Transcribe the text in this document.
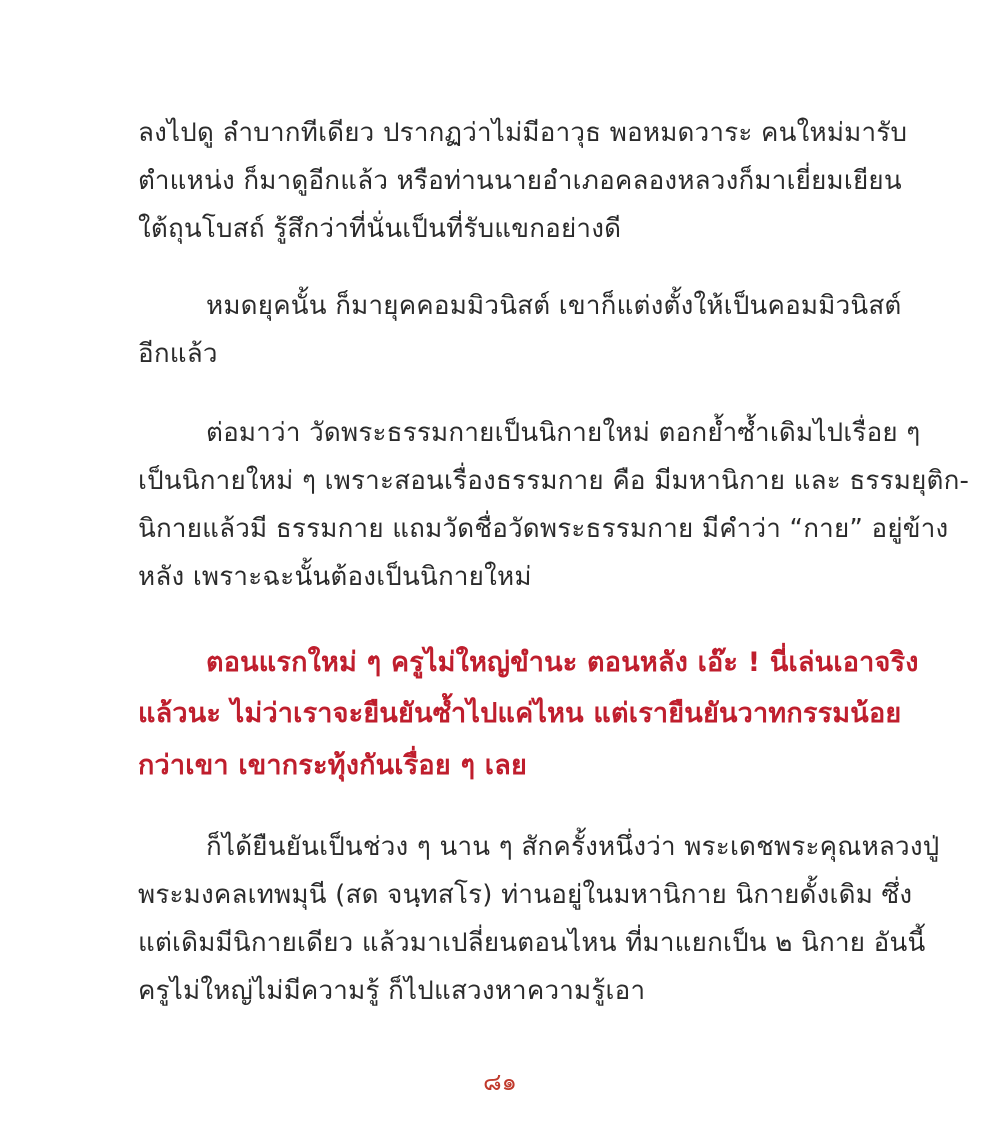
ลงไปดู ลำบากทีเดียว ปรากฏว่าไม่มีอาวุธ พอหมดวาระ คนใหม่มารับ
ตำแหน่ง ก็มาดูอีกแล้ว หรือท่านนายอำเภอคลองหลวงก็มาเยี่ยมเยียน
ใต้ถุนโบสถ์ รู้สึกว่าที่นั่นเป็นที่รับแขกอย่างดี
หมดยุคนั้น ก็มายุคคอมมิวนิสต์ เขาก็แต่งตั้งให้เป็นคอมมิวนิสต์
อีกแล้ว
ต่อมาว่า วัดพระธรรมกายเป็นนิกายใหม่ ตอกย้ำซ้ำเดิมไปเรื่อย ๆ
เป็นนิกายใหม่ ๆ เพราะสอนเรื่องธรรมกาย คือ มีมหานิกาย และ ธรรมยุติก-
นิกายแล้วมี ธรรมกาย แถมวัดชื่อวัดพระธรรมกาย มีคำว่า “กาย” อยู่ข้าง
หลัง เพราะฉะนั้นต้องเป็นนิกายใหม่
ตอนแรกใหม่ ๆ ครูไม่ใหญ่ขำนะ ตอนหลัง เอ๊ะ ! นี่เล่นเอาจริง
แล้วนะ ไม่ว่าเราจะยืนยันซ้ำไปแค่ไหน แต่เรายืนยันวาทกรรมน้อย
กว่าเขา เขากระทุ้งกันเรื่อย ๆ เลย
ก็ได้ยืนยันเป็นช่วง ๆ นาน ๆ สักครั้งหนึ่งว่า พระเดชพระคุณหลวงปู่
พระมงคลเทพมุนี (สด จนฺทสโร) ท่านอยู่ในมหานิกาย นิกายดั้งเดิม ซึ่ง
แต่เดิมมีนิกายเดียว แล้วมาเปลี่ยนตอนไหน ที่มาแยกเป็น ๒ นิกาย อันนี้
ครูไม่ใหญ่ไม่มีความรู้ ก็ไปแสวงหาความรู้เอา
๘๑
